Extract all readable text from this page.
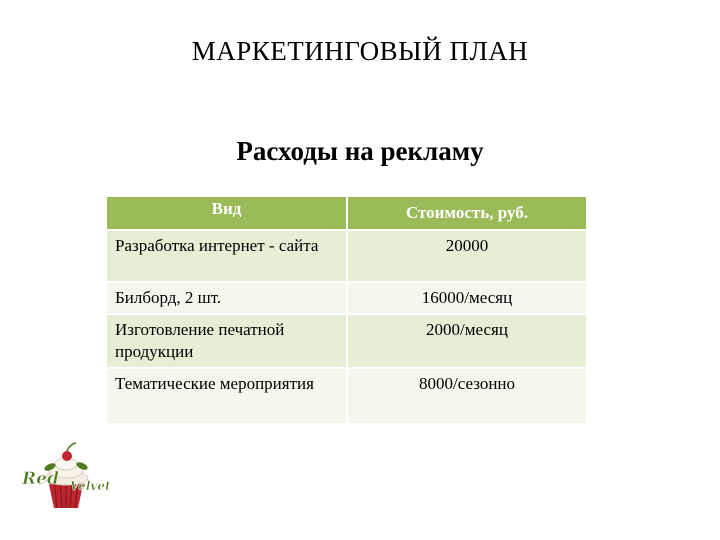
МАРКЕТИНГОВЫЙ ПЛАН
Расходы на рекламу
Вид	Стоимость, руб.
Разработка интернет - сайта	20000
Билборд, 2 шт.	16000/месяц
Изготовление печатной продукции	2000/месяц
Тематические мероприятия	8000/сезонно
Red Velvet
